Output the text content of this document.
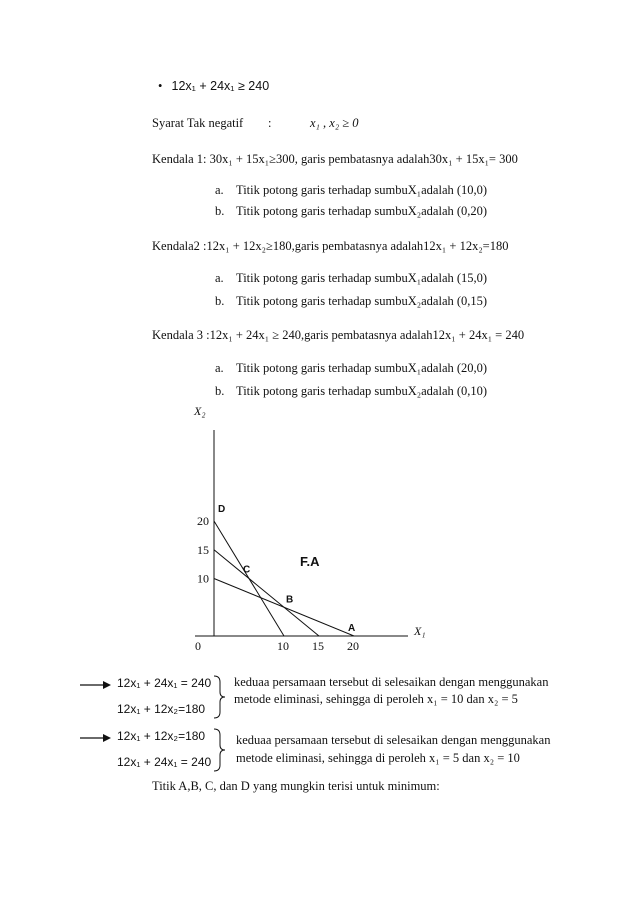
• 12x₁ + 24x₁ ≥ 240
Syarat Tak negatif :	x₁ , x₂ ≥ 0
Kendala 1: 30x₁ + 15x₁≥300, garis pembatasnya adalah30x₁ + 15x₁= 300
a. Titik potong garis terhadap sumbuX₁adalah (10,0)
b. Titik potong garis terhadap sumbuX₂adalah (0,20)
Kendala2 :12x₁ + 12x₂≥180,garis pembatasnya adalah12x₁ + 12x₂=180
a. Titik potong garis terhadap sumbuX₁adalah (15,0)
b. Titik potong garis terhadap sumbuX₂adalah (0,15)
Kendala 3 :12x₁ + 24x₁ ≥ 240,garis pembatasnya adalah12x₁ + 24x₁ = 240
a. Titik potong garis terhadap sumbuX₁adalah (20,0)
b. Titik potong garis terhadap sumbuX₂adalah (0,10)
0	10 15 20
10
15
20
A
B
C
D
X₂
X₁
F.A
12x₁ + 24x₁ = 240
12x₁ + 12x₂=180
keduaa persamaan tersebut di selesaikan dengan menggunakan
metode eliminasi, sehingga di peroleh x₁ = 10 dan x₂ = 5
12x₁ + 12x₂=180
12x₁ + 24x₁ = 240
keduaa persamaan tersebut di selesaikan dengan menggunakan
metode eliminasi, sehingga di peroleh x₁ = 5 dan x₂ = 10
Titik A,B, C, dan D yang mungkin terisi untuk minimum:
